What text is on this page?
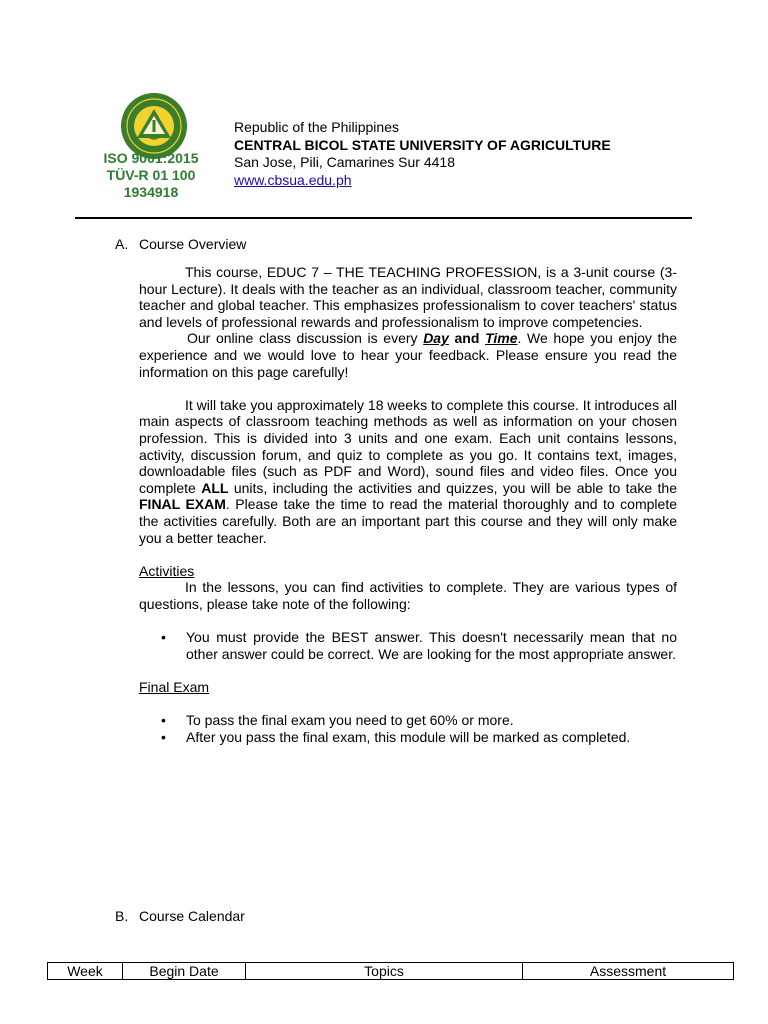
ISO 9001:2015
TÜV-R 01 100
1934918
Republic of the Philippines
CENTRAL BICOL STATE UNIVERSITY OF AGRICULTURE
San Jose, Pili, Camarines Sur 4418
www.cbsua.edu.ph
A. Course Overview

This course, EDUC 7 – THE TEACHING PROFESSION, is a 3-unit course (3-hour Lecture). It deals with the teacher as an individual, classroom teacher, community teacher and global teacher. This emphasizes professionalism to cover teachers' status and levels of professional rewards and professionalism to improve competencies.

Our online class discussion is every Day and Time. We hope you enjoy the experience and we would love to hear your feedback. Please ensure you read the information on this page carefully!

It will take you approximately 18 weeks to complete this course. It introduces all main aspects of classroom teaching methods as well as information on your chosen profession. This is divided into 3 units and one exam. Each unit contains lessons, activity, discussion forum, and quiz to complete as you go. It contains text, images, downloadable files (such as PDF and Word), sound files and video files. Once you complete ALL units, including the activities and quizzes, you will be able to take the FINAL EXAM. Please take the time to read the material thoroughly and to complete the activities carefully. Both are an important part this course and they will only make you a better teacher.

Activities

In the lessons, you can find activities to complete. They are various types of questions, please take note of the following:

• You must provide the BEST answer. This doesn't necessarily mean that no other answer could be correct. We are looking for the most appropriate answer.

Final Exam

• To pass the final exam you need to get 60% or more.
• After you pass the final exam, this module will be marked as completed.
B. Course Calendar
Week	Begin Date	Topics	Assessment
